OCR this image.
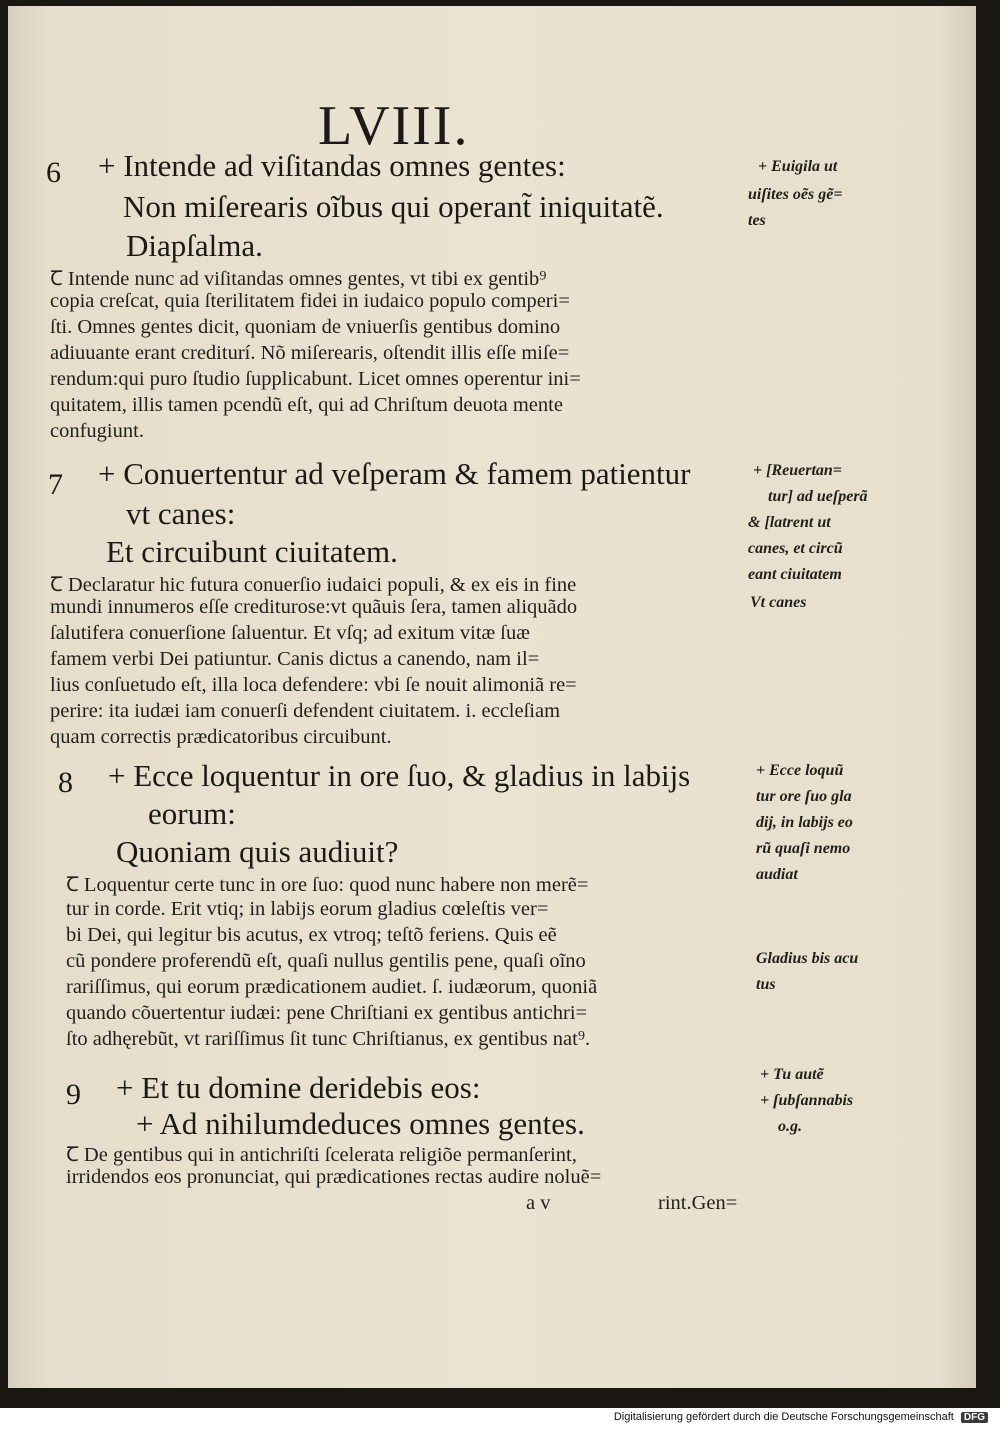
LVIII.
6 + Intende ad viſitandas omnes gentes:
Non miſerearis oĩbus qui operant̃ iniquitatẽ.
Diapſalma.
Ꞇ Intende nunc ad viſitandas omnes gentes, vt tibi ex gentib⁹
copia creſcat, quia ſterilitatem fidei in iudaico populo comperi=
ſti. Omnes gentes dicit, quoniam de vniuerſis gentibus domino
adiuuante erant crediturí. Nõ miſerearis, oſtendit illis eſſe miſe=
rendum:qui puro ſtudio ſupplicabunt. Licet omnes operentur ini=
quitatem, illis tamen pcendũ eſt, qui ad Chriſtum deuota mente
confugiunt.
+ Euigila ut
uiſites oẽs gẽ=
tes
7 + Conuertentur ad veſperam & famem patientur
vt canes:
Et circuibunt ciuitatem.
Ꞇ Declaratur hic futura conuerſio iudaici populi, & ex eis in fine
mundi innumeros eſſe crediturose:vt quãuis ſera, tamen aliquãdo
ſalutifera conuerſione ſaluentur. Et vſq; ad exitum vitæ ſuæ
famem verbi Dei patiuntur. Canis dictus a canendo, nam il=
lius conſuetudo eſt, illa loca defendere: vbi ſe nouit alimoniã re=
perire: ita iudæi iam conuerſi defendent ciuitatem. i. eccleſiam
quam correctis prædicatoribus circuibunt.
+ [Reuertan=
tur] ad ueſperã
& [latrent ut
canes, et circũ
eant ciuitatem
Vt canes
8 + Ecce loquentur in ore ſuo, & gladius in labijs
eorum:
Quoniam quis audiuit?
Ꞇ Loquentur certe tunc in ore ſuo: quod nunc habere non merẽ=
tur in corde. Erit vtiq; in labijs eorum gladius cœleſtis ver=
bi Dei, qui legitur bis acutus, ex vtroq; teſtõ feriens. Quis eẽ
cũ pondere proferendũ eſt, quaſi nullus gentilis pene, quaſi oĩno
rariſſimus, qui eorum prædicationem audiet. ſ. iudæorum, quoniã
quando cõuertentur iudæi: pene Chriſtiani ex gentibus antichri=
ſto adhęrebũt, vt rariſſimus ſit tunc Chriſtianus, ex gentibus nat⁹.
+ Ecce loquũ
tur ore ſuo gla
dij, in labijs eo
rũ quaſi nemo
audiat
Gladius bis acu
tus
9 + Et tu domine deridebis eos:
+ Ad nihilumdeduces omnes gentes.
Ꞇ De gentibus qui in antichriſti ſcelerata religiõe permanſerint,
irridendos eos pronunciat, qui prædicationes rectas audire noluẽ=
+ Tu autẽ
+ ſubſannabis
o.g.
a v	rint.Gen=
Digitalisierung gefördert durch die Deutsche Forschungsgemeinschaft DFG
